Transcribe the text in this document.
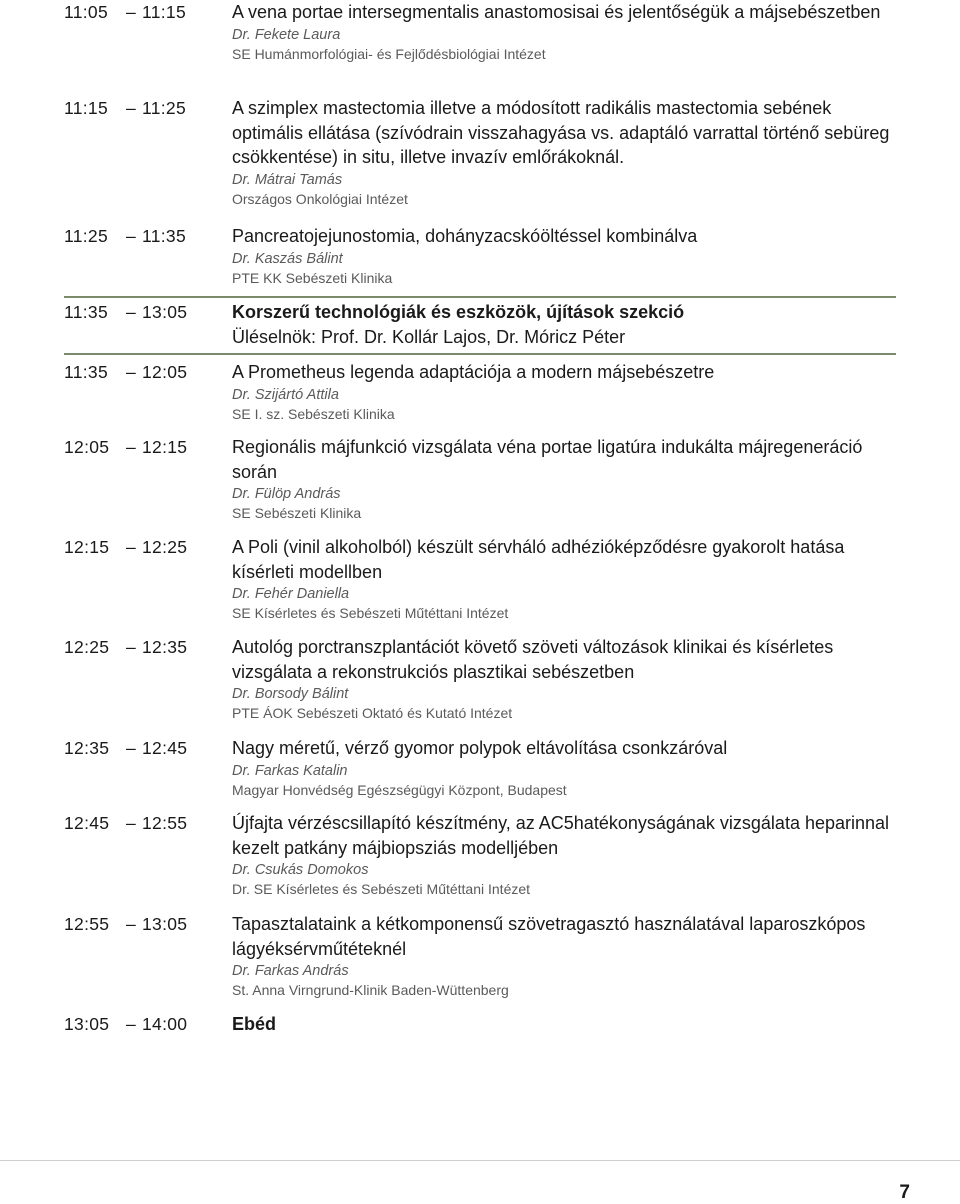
11:05 – 11:15	A vena portae intersegmentalis anastomosisai és jelentőségük a májsebészetben

Dr. Fekete Laura

SE Humánmorfológiai- és Fejlődésbiológiai Intézet

11:15 – 11:25	A szimplex mastectomia illetve a módosított radikális mastectomia sebének optimális ellátása (szívódrain visszahagyása vs. adaptáló varrattal történő sebüreg csökkentése) in situ, illetve invazív emlőrákoknál.

Dr. Mátrai Tamás

Országos Onkológiai Intézet

11:25 – 11:35	Pancreatojejunostomia, dohányzacskóöltéssel kombinálva

Dr. Kaszás Bálint

PTE KK Sebészeti Klinika

11:35 – 13:05	Korszerű technológiák és eszközök, újítások szekció

Üléselnök: Prof. Dr. Kollár Lajos, Dr. Móricz Péter

11:35 – 12:05	A Prometheus legenda adaptációja a modern májsebészetre

Dr. Szijártó Attila

SE I. sz. Sebészeti Klinika

12:05 – 12:15	Regionális májfunkció vizsgálata véna portae ligatúra indukálta májregeneráció során

Dr. Fülöp András

SE Sebészeti Klinika

12:15 – 12:25	A Poli (vinil alkoholból) készült sérvháló adhézióképződésre gyakorolt hatása kísérleti modellben

Dr. Fehér Daniella

SE Kísérletes és Sebészeti Műtéttani Intézet

12:25 – 12:35	Autológ porctranszplantációt követő szöveti változások klinikai és kísérletes vizsgálata a rekonstrukciós plasztikai sebészetben

Dr. Borsody Bálint

PTE ÁOK Sebészeti Oktató és Kutató Intézet

12:35 – 12:45	Nagy méretű, vérző gyomor polypok eltávolítása csonkzáróval

Dr. Farkas Katalin

Magyar Honvédség Egészségügyi Központ, Budapest

12:45 – 12:55	Újfajta vérzéscsillapító készítmény, az AC5hatékonyságának vizsgálata heparinnal kezelt patkány májbiopsziás modelljében

Dr. Csukás Domokos

Dr. SE Kísérletes és Sebészeti Műtéttani Intézet

12:55 – 13:05	Tapasztalataink a kétkomponensű szövetragasztó használatával laparoszkópos lágyéksérvműtéteknél

Dr. Farkas András

St. Anna Virngrund-Klinik Baden-Wüttenberg

13:05 – 14:00	Ebéd

7
